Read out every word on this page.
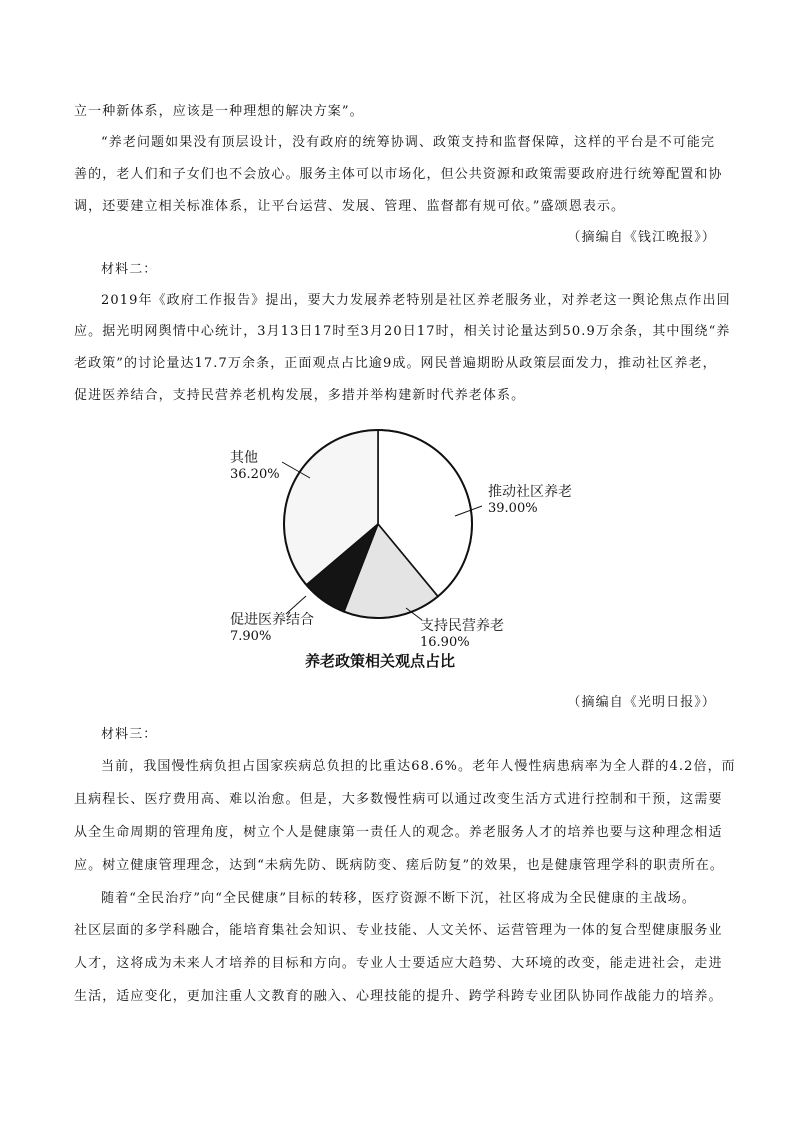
立一种新体系，应该是一种理想的解决方案”。
“养老问题如果没有顶层设计，没有政府的统筹协调、政策支持和监督保障，这样的平台是不可能完
善的，老人们和子女们也不会放心。服务主体可以市场化，但公共资源和政策需要政府进行统筹配置和协
调，还要建立相关标准体系，让平台运营、发展、管理、监督都有规可依。”盛颂恩表示。
（摘编自《钱江晚报》）
材料二：
2019年《政府工作报告》提出，要大力发展养老特别是社区养老服务业，对养老这一舆论焦点作出回
应。据光明网舆情中心统计，3月13日17时至3月20日17时，相关讨论量达到50.9万余条，其中围绕“养
老政策”的讨论量达17.7万余条，正面观点占比逾9成。网民普遍期盼从政策层面发力，推动社区养老，
促进医养结合，支持民营养老机构发展，多措并举构建新时代养老体系。
推动社区养老
39.00%
支持民营养老
16.90%
促进医养结合
7.90%
其他
36.20%
养老政策相关观点占比
（摘编自《光明日报》）
材料三：
当前，我国慢性病负担占国家疾病总负担的比重达68.6%。老年人慢性病患病率为全人群的4.2倍，而
且病程长、医疗费用高、难以治愈。但是，大多数慢性病可以通过改变生活方式进行控制和干预，这需要
从全生命周期的管理角度，树立个人是健康第一责任人的观念。养老服务人才的培养也要与这种理念相适
应。树立健康管理理念，达到“未病先防、既病防变、瘥后防复”的效果，也是健康管理学科的职责所在。
随着“全民治疗”向“全民健康”目标的转移，医疗资源不断下沉，社区将成为全民健康的主战场。
社区层面的多学科融合，能培育集社会知识、专业技能、人文关怀、运营管理为一体的复合型健康服务业
人才，这将成为未来人才培养的目标和方向。专业人士要适应大趋势、大环境的改变，能走进社会，走进
生活，适应变化，更加注重人文教育的融入、心理技能的提升、跨学科跨专业团队协同作战能力的培养。
